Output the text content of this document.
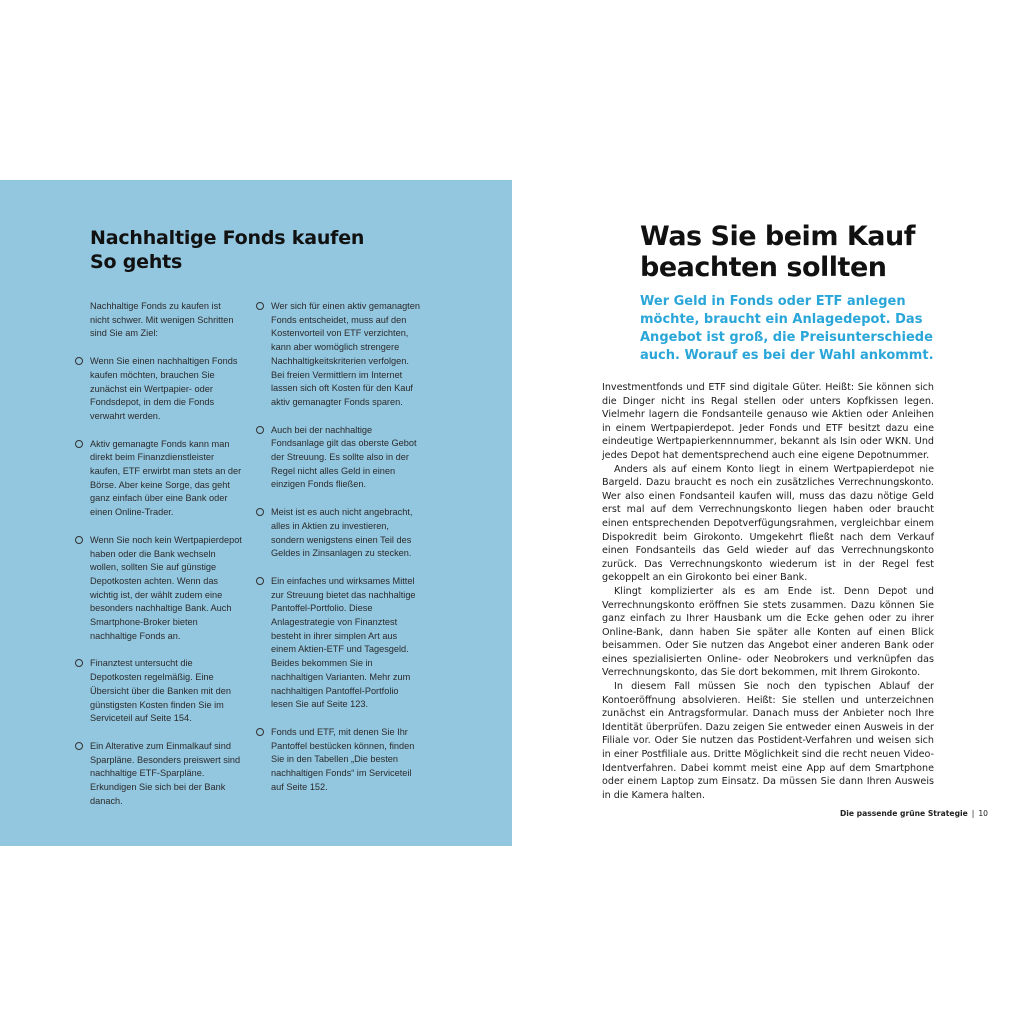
Nachhaltige Fonds kaufen
So gehts

Nachhaltige Fonds zu kaufen ist nicht schwer. Mit wenigen Schritten sind Sie am Ziel:

Wenn Sie einen nachhaltigen Fonds kaufen möchten, brauchen Sie zunächst ein Wertpapier- oder Fondsdepot, in dem die Fonds verwahrt werden.
Aktiv gemanagte Fonds kann man direkt beim Finanzdienstleister kaufen, ETF erwirbt man stets an der Börse. Aber keine Sorge, das geht ganz einfach über eine Bank oder einen Online-Trader.
Wenn Sie noch kein Wertpapierdepot haben oder die Bank wechseln wollen, sollten Sie auf günstige Depotkosten achten. Wenn das wichtig ist, der wählt zudem eine besonders nachhaltige Bank. Auch Smartphone-Broker bieten nachhaltige Fonds an.
Finanztest untersucht die Depotkosten regelmäßig. Eine Übersicht über die Banken mit den günstigsten Kosten finden Sie im Serviceteil auf Seite 154.
Ein Alterative zum Einmalkauf sind Sparpläne. Besonders preiswert sind nachhaltige ETF-Sparpläne. Erkundigen Sie sich bei der Bank danach.
Wer sich für einen aktiv gemanagten Fonds entscheidet, muss auf den Kostenvorteil von ETF verzichten, kann aber womöglich strengere Nachhaltigkeitskriterien verfolgen. Bei freien Vermittlern im Internet lassen sich oft Kosten für den Kauf aktiv gemanagter Fonds sparen.
Auch bei der nachhaltige Fondsanlage gilt das oberste Gebot der Streuung. Es sollte also in der Regel nicht alles Geld in einen einzigen Fonds fließen.
Meist ist es auch nicht angebracht, alles in Aktien zu investieren, sondern wenigstens einen Teil des Geldes in Zinsanlagen zu stecken.
Ein einfaches und wirksames Mittel zur Streuung bietet das nachhaltige Pantoffel-Portfolio. Diese Anlagestrategie von Finanztest besteht in ihrer simplen Art aus einem Aktien-ETF und Tagesgeld. Beides bekommen Sie in nachhaltigen Varianten. Mehr zum nachhaltigen Pantoffel-Portfolio lesen Sie auf Seite 123.
Fonds und ETF, mit denen Sie Ihr Pantoffel bestücken können, finden Sie in den Tabellen „Die besten nachhaltigen Fonds“ im Serviceteil auf Seite 152.
Was Sie beim Kauf
beachten sollten

Wer Geld in Fonds oder ETF anlegen möchte, braucht ein Anlagedepot. Das Angebot ist groß, die Preisunterschiede auch. Worauf es bei der Wahl ankommt.

Investmentfonds und ETF sind digitale Güter. Heißt: Sie können sich die Dinger nicht ins Regal stellen oder unters Kopfkissen legen. Vielmehr lagern die Fondsanteile genauso wie Aktien oder Anleihen in einem Wertpapierdepot. Jeder Fonds und ETF besitzt dazu eine eindeutige Wertpapierkennnummer, bekannt als Isin oder WKN. Und jedes Depot hat dementsprechend auch eine eigene Depotnummer.

Anders als auf einem Konto liegt in einem Wertpapierdepot nie Bargeld. Dazu braucht es noch ein zusätzliches Verrechnungskonto. Wer also einen Fondsanteil kaufen will, muss das dazu nötige Geld erst mal auf dem Verrechnungskonto liegen haben oder braucht einen entsprechenden Depotverfügungsrahmen, vergleichbar einem Dispokredit beim Girokonto. Umgekehrt fließt nach dem Verkauf einen Fondsanteils das Geld wieder auf das Verrechnungskonto zurück. Das Verrechnungskonto wiederum ist in der Regel fest gekoppelt an ein Girokonto bei einer Bank.

Klingt komplizierter als es am Ende ist. Denn Depot und Verrechnungskonto eröffnen Sie stets zusammen. Dazu können Sie ganz einfach zu Ihrer Hausbank um die Ecke gehen oder zu ihrer Online-Bank, dann haben Sie später alle Konten auf einen Blick beisammen. Oder Sie nutzen das Angebot einer anderen Bank oder eines spezialisierten Online- oder Neobrokers und verknüpfen das Verrechnungskonto, das Sie dort bekommen, mit Ihrem Girokonto.

In diesem Fall müssen Sie noch den typischen Ablauf der Kontoeröffnung absolvieren. Heißt: Sie stellen und unterzeichnen zunächst ein Antragsformular. Danach muss der Anbieter noch Ihre Identität überprüfen. Dazu zeigen Sie entweder einen Ausweis in der Filiale vor. Oder Sie nutzen das Postident-Verfahren und weisen sich in einer Postfiliale aus. Dritte Möglichkeit sind die recht neuen Video-Identverfahren. Dabei kommt meist eine App auf dem Smartphone oder einem Laptop zum Einsatz. Da müssen Sie dann Ihren Ausweis in die Kamera halten.

Die passende grüne Strategie | 10
